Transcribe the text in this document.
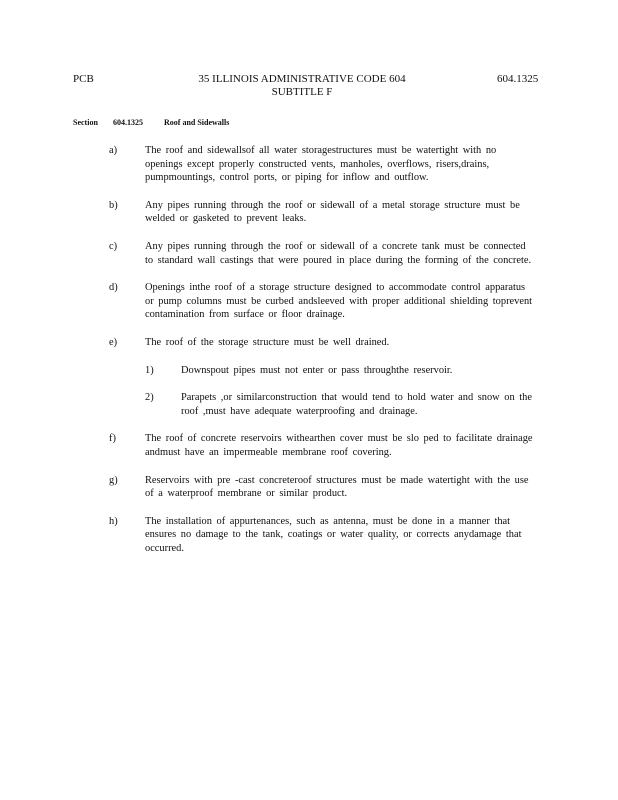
PCB	35 ILLINOIS ADMINISTRATIVE CODE 604
SUBTITLE F
604.1325
Section 604.1325	Roof and Sidewalls
a)	The roof and sidewallsof all water storagestructures must be watertight with no openings except properly constructed vents, manholes, overflows, risers,drains, pumpmountings, control ports, or piping for inflow and outflow.
b)	Any pipes running through the roof or sidewall of a metal storage structure must be welded or gasketed to prevent leaks.
c)	Any pipes running through the roof or sidewall of a concrete tank must be connected to standard wall castings that were poured in place during the forming of the concrete.
d)	Openings inthe roof of a storage structure designed to accommodate control apparatus or pump columns must be curbed andsleeved with proper additional shielding toprevent contamination from surface or floor drainage.
e)	The roof of the storage structure must be well drained.
1)	Downspout pipes must not enter or pass throughthe reservoir.
2)	Parapets ,or similarconstruction that would tend to hold water and snow on the roof ,must have adequate waterproofing and drainage.
f)	The roof of concrete reservoirs withearthen cover must be slo ped to facilitate drainage andmust have an impermeable membrane roof covering.
g)	Reservoirs with pre -cast concreteroof structures must be made watertight with the use of a waterproof membrane or similar product.
h)	The installation of appurtenances, such as antenna, must be done in a manner that ensures no damage to the tank, coatings or water quality, or corrects anydamage that occurred.
